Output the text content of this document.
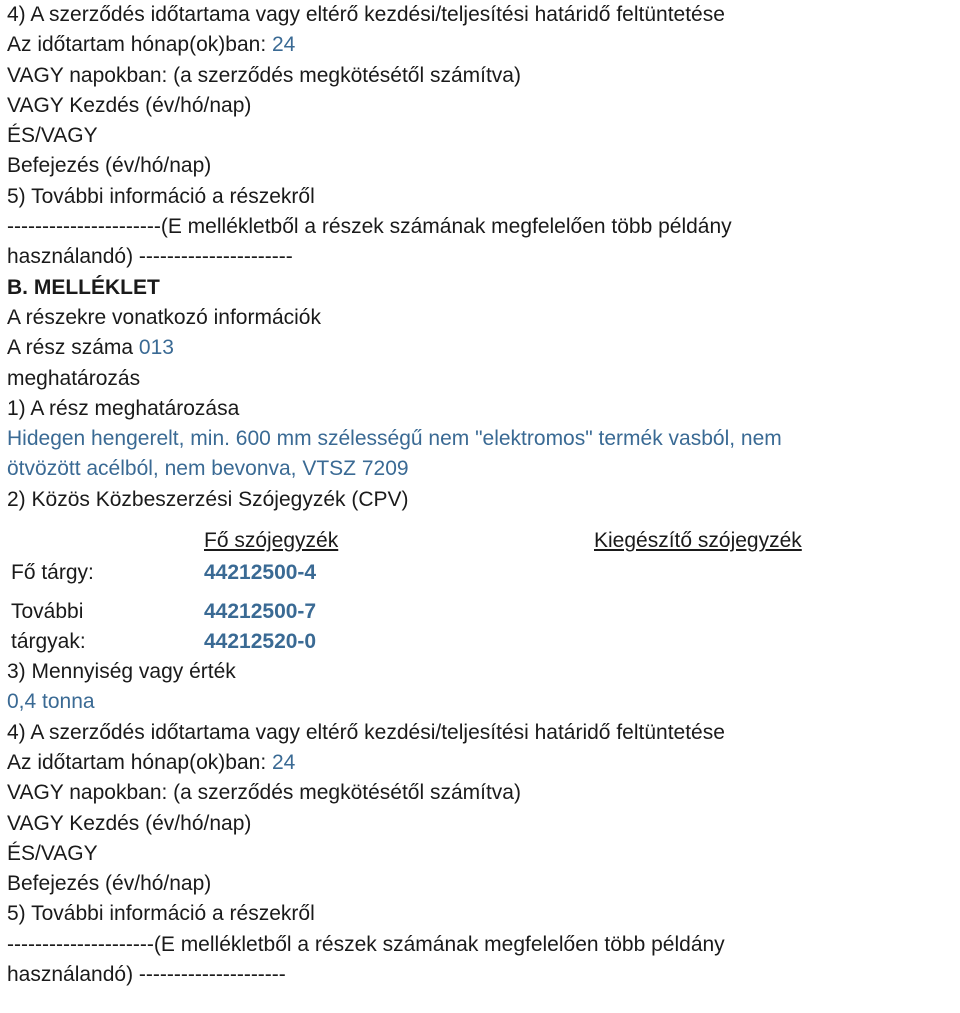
4) A szerződés időtartama vagy eltérő kezdési/teljesítési határidő feltüntetése
Az időtartam hónap(ok)ban: 24
VAGY napokban: (a szerződés megkötésétől számítva)
VAGY Kezdés (év/hó/nap)
ÉS/VAGY
Befejezés (év/hó/nap)
5) További információ a részekről
----------------------(E mellékletből a részek számának megfelelően több példány
használandó) ----------------------
B. MELLÉKLET
A részekre vonatkozó információk
A rész száma 013
meghatározás
1) A rész meghatározása
Hidegen hengerelt, min. 600 mm szélességű nem "elektromos" termék vasból, nem
ötvözött acélból, nem bevonva, VTSZ 7209
2) Közös Közbeszerzési Szójegyzék (CPV)
Fő szójegyzék	Kiegészítő szójegyzék
Fő tárgy:	44212500-4
További
tárgyak:
44212500-7
44212520-0
3) Mennyiség vagy érték
0,4 tonna
4) A szerződés időtartama vagy eltérő kezdési/teljesítési határidő feltüntetése
Az időtartam hónap(ok)ban: 24
VAGY napokban: (a szerződés megkötésétől számítva)
VAGY Kezdés (év/hó/nap)
ÉS/VAGY
Befejezés (év/hó/nap)
5) További információ a részekről
---------------------(E mellékletből a részek számának megfelelően több példány
használandó) ---------------------
